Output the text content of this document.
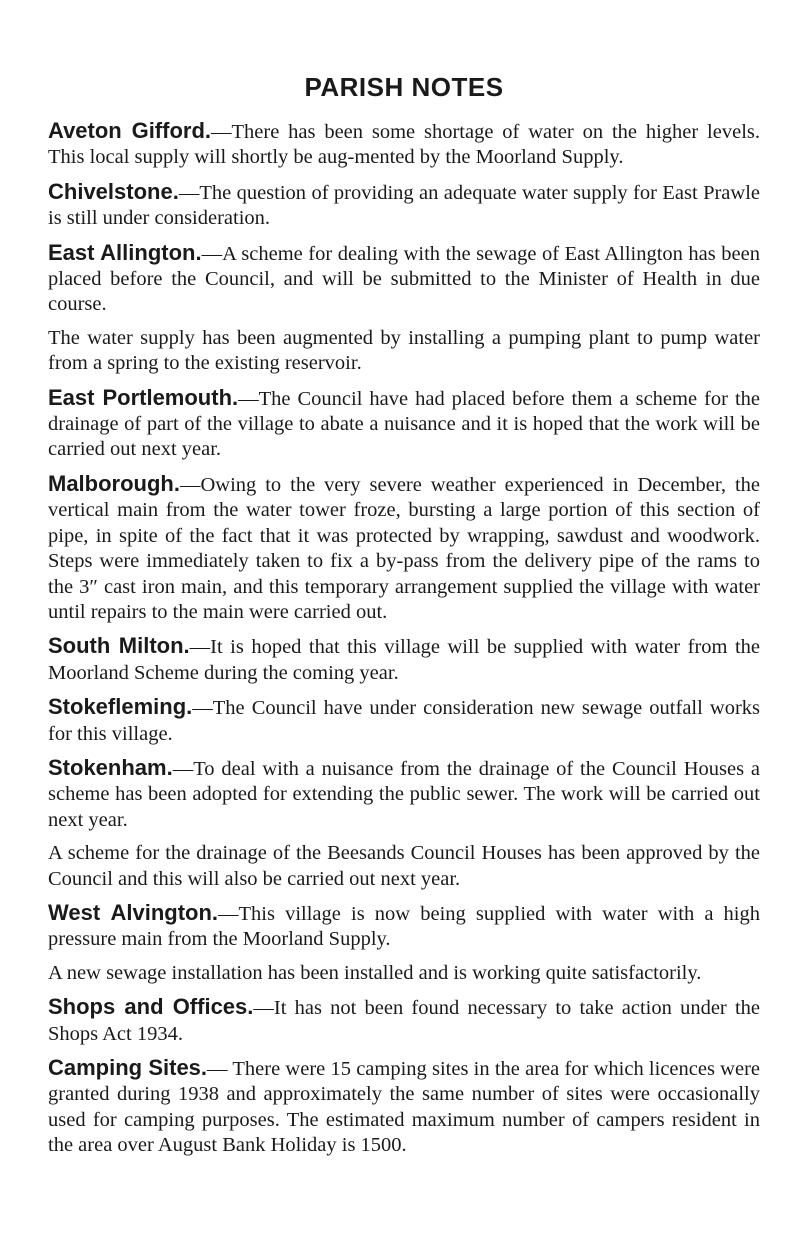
PARISH NOTES

Aveton Gifford.—There has been some shortage of water on the higher levels. This local supply will shortly be aug-mented by the Moorland Supply.

Chivelstone.—The question of providing an adequate water supply for East Prawle is still under consideration.

East Allington.—A scheme for dealing with the sewage of East Allington has been placed before the Council, and will be submitted to the Minister of Health in due course.

The water supply has been augmented by installing a pumping plant to pump water from a spring to the existing reservoir.

East Portlemouth.—The Council have had placed before them a scheme for the drainage of part of the village to abate a nuisance and it is hoped that the work will be carried out next year.

Malborough.—Owing to the very severe weather experienced in December, the vertical main from the water tower froze, bursting a large portion of this section of pipe, in spite of the fact that it was protected by wrapping, sawdust and woodwork. Steps were immediately taken to fix a by-pass from the delivery pipe of the rams to the 3″ cast iron main, and this temporary arrangement supplied the village with water until repairs to the main were carried out.

South Milton.—It is hoped that this village will be supplied with water from the Moorland Scheme during the coming year.

Stokefleming.—The Council have under consideration new sewage outfall works for this village.

Stokenham.—To deal with a nuisance from the drainage of the Council Houses a scheme has been adopted for extending the public sewer. The work will be carried out next year.

A scheme for the drainage of the Beesands Council Houses has been approved by the Council and this will also be carried out next year.

West Alvington.—This village is now being supplied with water with a high pressure main from the Moorland Supply.

A new sewage installation has been installed and is working quite satisfactorily.

Shops and Offices.—It has not been found necessary to take action under the Shops Act 1934.

Camping Sites.— There were 15 camping sites in the area for which licences were granted during 1938 and approximately the same number of sites were occasionally used for camping purposes. The estimated maximum number of campers resident in the area over August Bank Holiday is 1500.
